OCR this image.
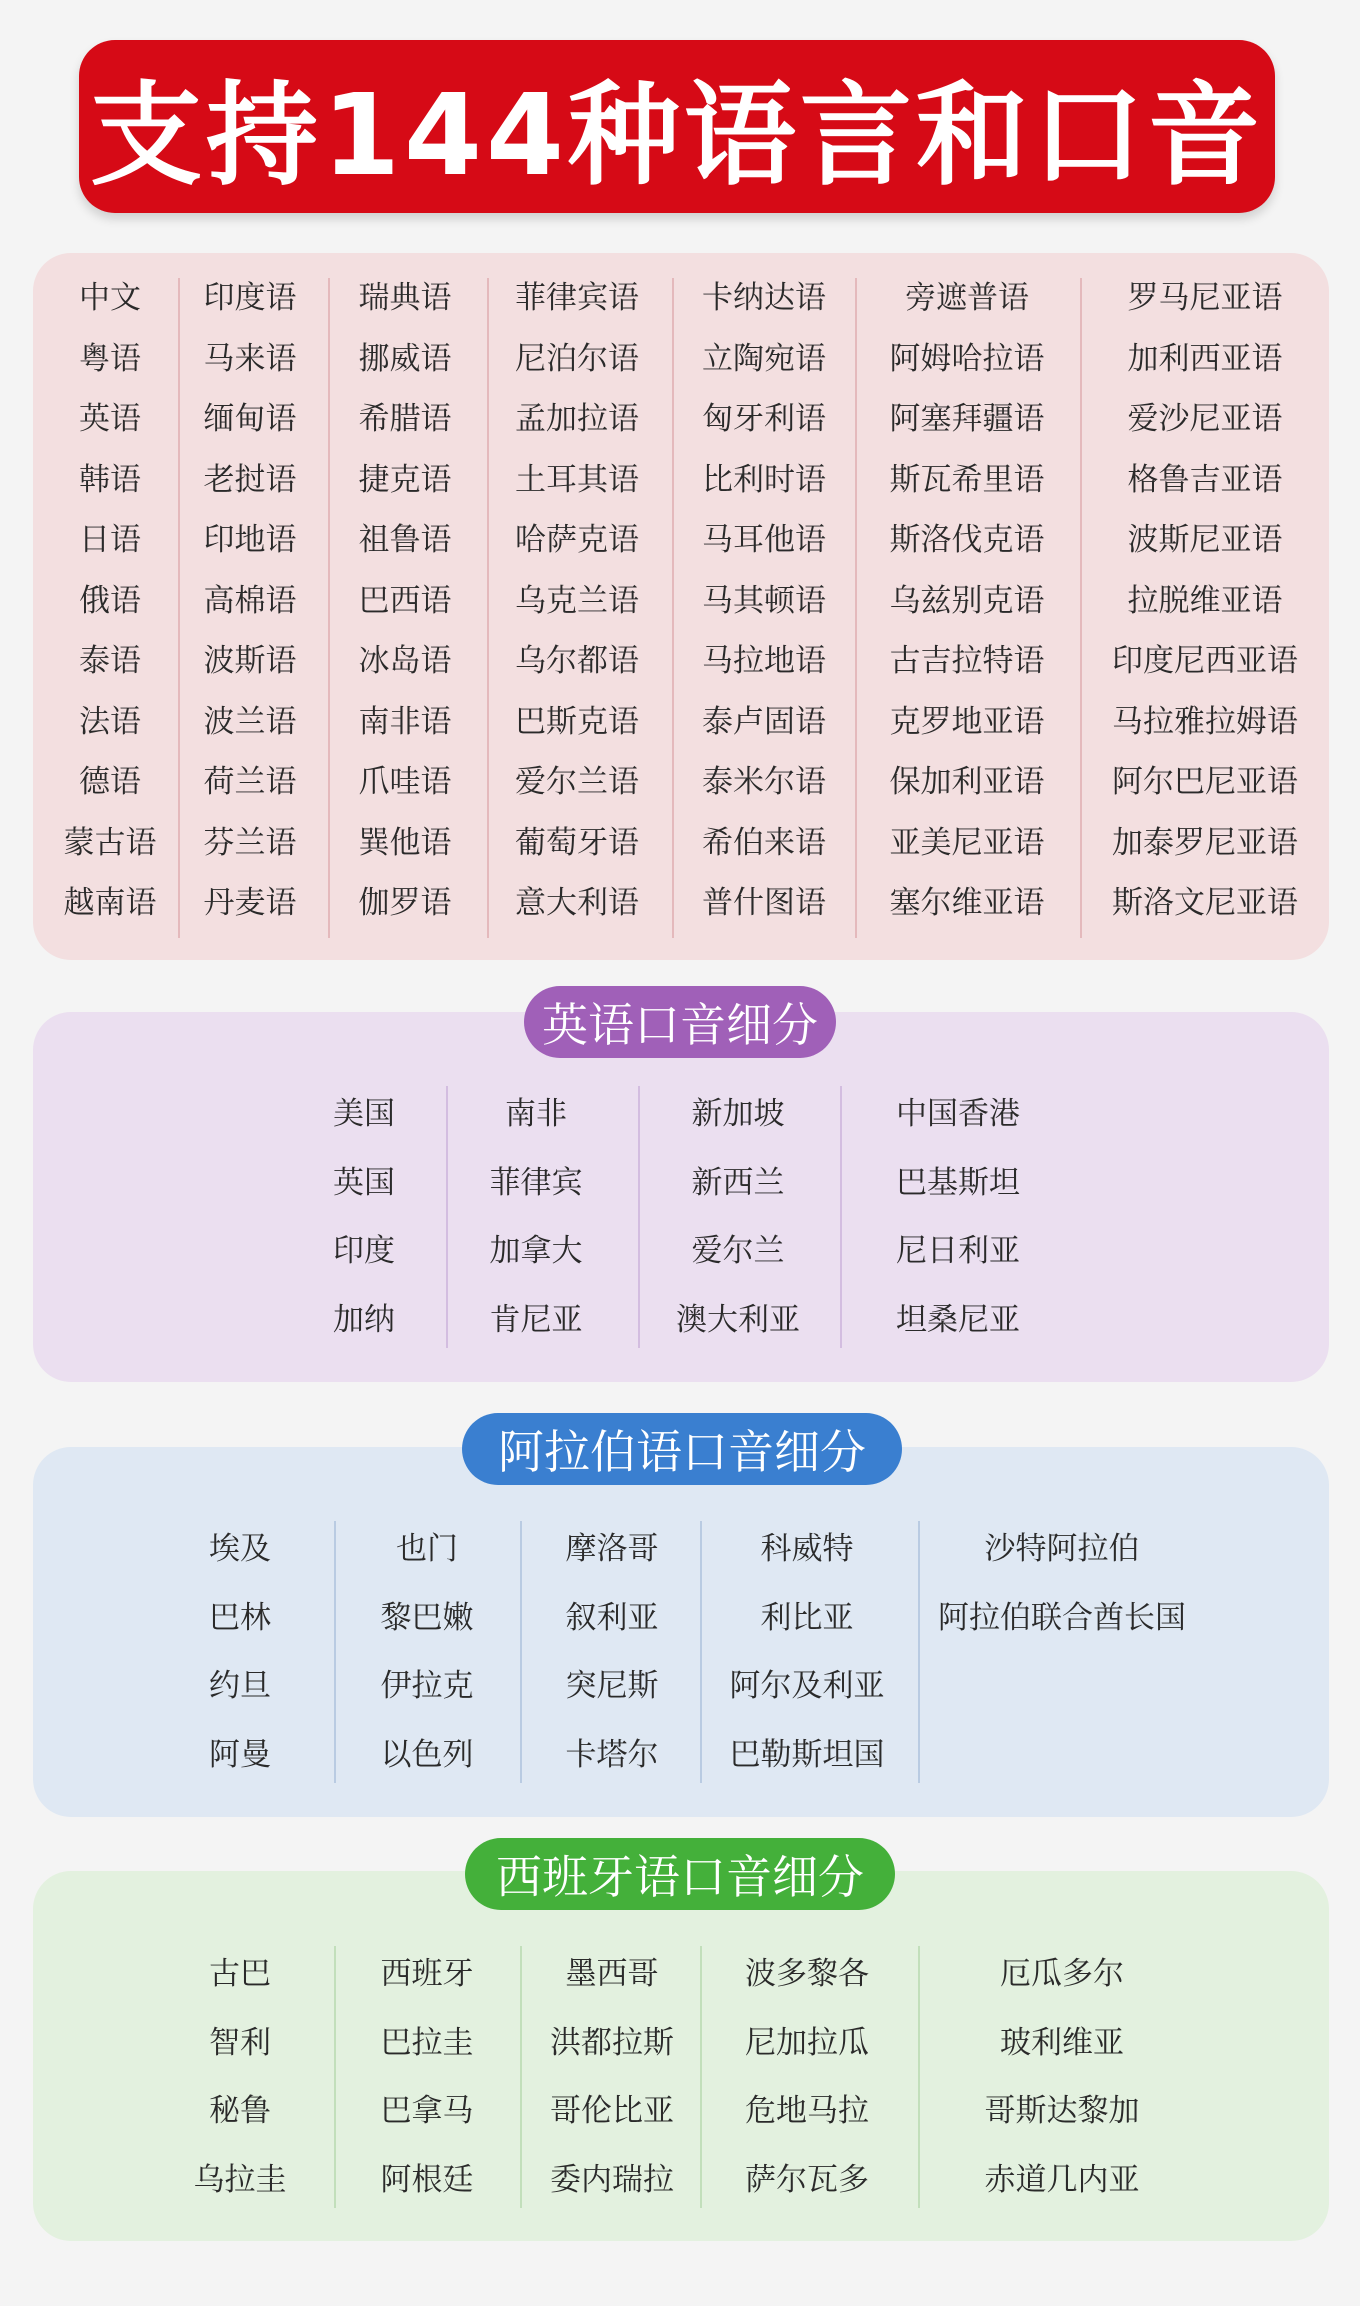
支持144种语言和口音
中文
粤语
英语
韩语
日语
俄语
泰语
法语
德语
蒙古语
越南语
印度语
马来语
缅甸语
老挝语
印地语
高棉语
波斯语
波兰语
荷兰语
芬兰语
丹麦语
瑞典语
挪威语
希腊语
捷克语
祖鲁语
巴西语
冰岛语
南非语
爪哇语
巽他语
伽罗语
菲律宾语
尼泊尔语
孟加拉语
土耳其语
哈萨克语
乌克兰语
乌尔都语
巴斯克语
爱尔兰语
葡萄牙语
意大利语
卡纳达语
立陶宛语
匈牙利语
比利时语
马耳他语
马其顿语
马拉地语
泰卢固语
泰米尔语
希伯来语
普什图语
旁遮普语
阿姆哈拉语
阿塞拜疆语
斯瓦希里语
斯洛伐克语
乌兹别克语
古吉拉特语
克罗地亚语
保加利亚语
亚美尼亚语
塞尔维亚语
罗马尼亚语
加利西亚语
爱沙尼亚语
格鲁吉亚语
波斯尼亚语
拉脱维亚语
印度尼西亚语
马拉雅拉姆语
阿尔巴尼亚语
加泰罗尼亚语
斯洛文尼亚语
英语口音细分
美国
英国
印度
加纳
南非
菲律宾
加拿大
肯尼亚
新加坡
新西兰
爱尔兰
澳大利亚
中国香港
巴基斯坦
尼日利亚
坦桑尼亚
阿拉伯语口音细分
埃及
巴林
约旦
阿曼
也门
黎巴嫩
伊拉克
以色列
摩洛哥
叙利亚
突尼斯
卡塔尔
科威特
利比亚
阿尔及利亚
巴勒斯坦国
沙特阿拉伯
阿拉伯联合酋长国
西班牙语口音细分
古巴
智利
秘鲁
乌拉圭
西班牙
巴拉圭
巴拿马
阿根廷
墨西哥
洪都拉斯
哥伦比亚
委内瑞拉
波多黎各
尼加拉瓜
危地马拉
萨尔瓦多
厄瓜多尔
玻利维亚
哥斯达黎加
赤道几内亚
